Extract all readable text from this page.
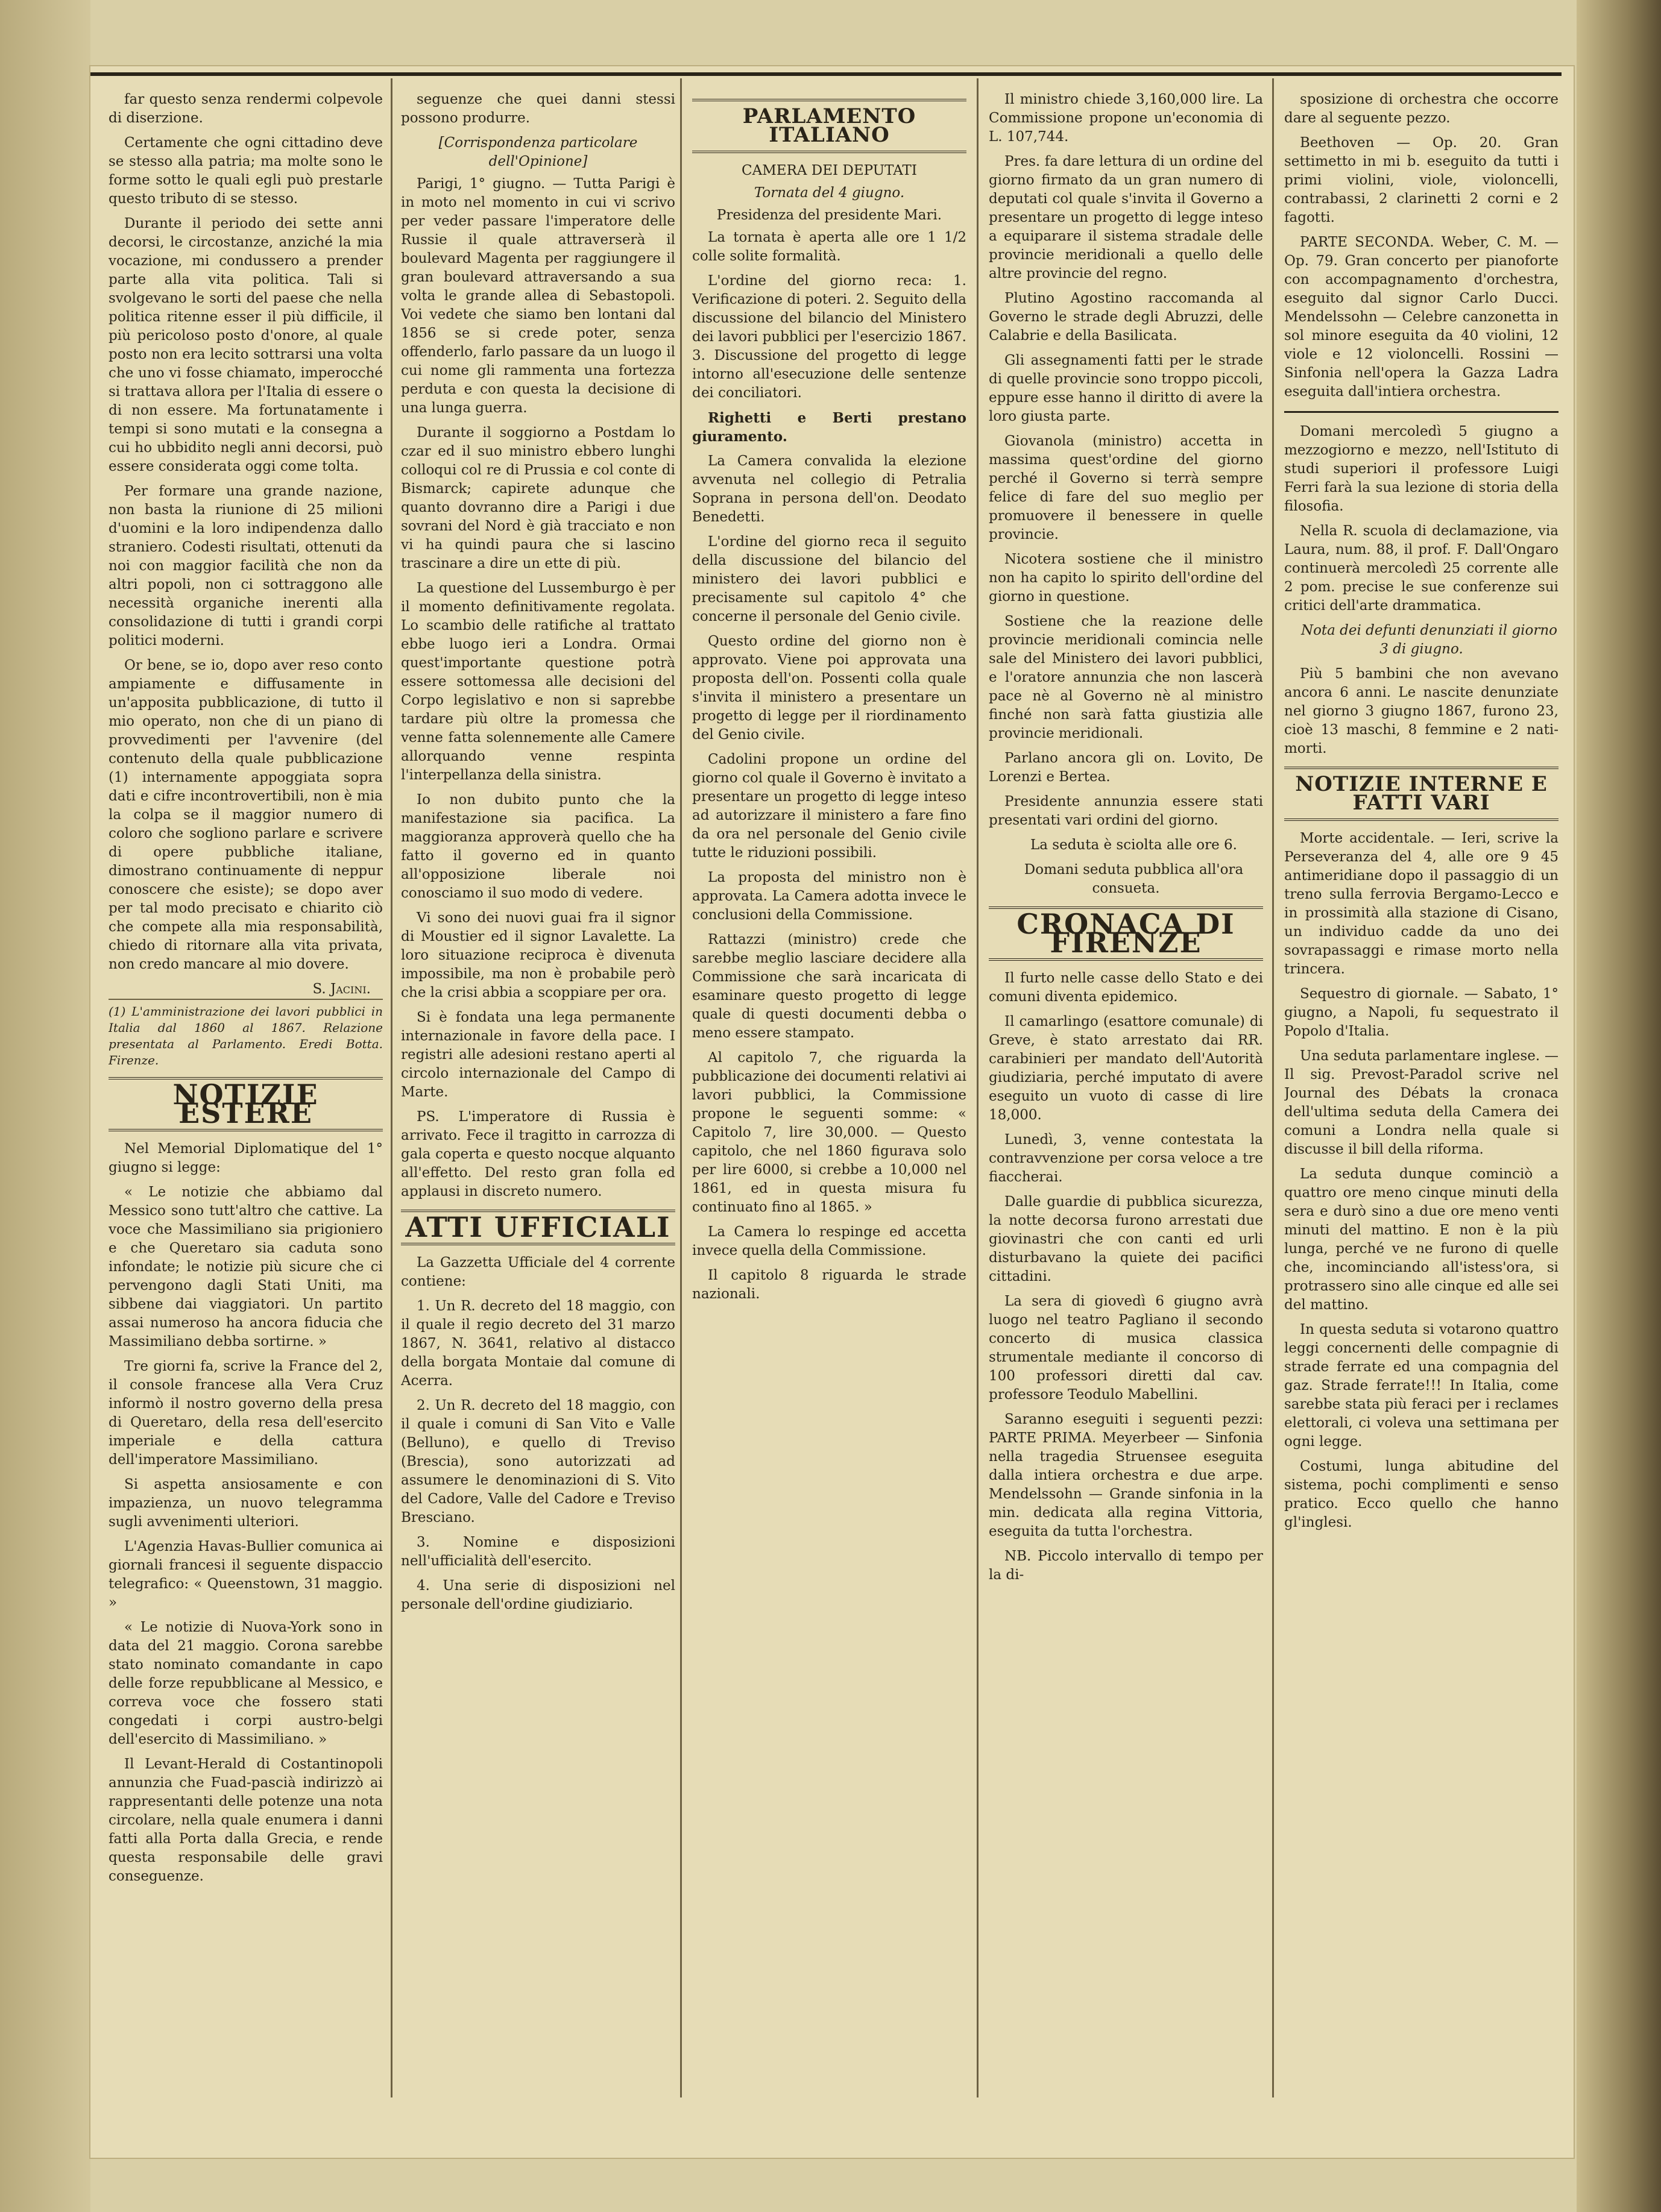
far questo senza rendermi colpevole di diserzione.

Certamente che ogni cittadino deve se stesso alla patria; ma molte sono le forme sotto le quali egli può prestarle questo tributo di se stesso.

Durante il periodo dei sette anni decorsi, le circostanze, anziché la mia vocazione, mi condussero a prender parte alla vita politica. Tali si svolgevano le sorti del paese che nella politica ritenne esser il più difficile, il più pericoloso posto d'onore, al quale posto non era lecito sottrarsi una volta che uno vi fosse chiamato, imperocché si trattava allora per l'Italia di essere o di non essere. Ma fortunatamente i tempi si sono mutati e la consegna a cui ho ubbidito negli anni decorsi, può essere considerata oggi come tolta.

Per formare una grande nazione, non basta la riunione di 25 milioni d'uomini e la loro indipendenza dallo straniero. Codesti risultati, ottenuti da noi con maggior facilità che non da altri popoli, non ci sottraggono alle necessità organiche inerenti alla consolidazione di tutti i grandi corpi politici moderni.

Or bene, se io, dopo aver reso conto ampiamente e diffusamente in un'apposita pubblicazione, di tutto il mio operato, non che di un piano di provvedimenti per l'avvenire (del contenuto della quale pubblicazione (1) internamente appoggiata sopra dati e cifre incontrovertibili, non è mia la colpa se il maggior numero di coloro che sogliono parlare e scrivere di opere pubbliche italiane, dimostrano continuamente di neppur conoscere che esiste); se dopo aver per tal modo precisato e chiarito ciò che compete alla mia responsabilità, chiedo di ritornare alla vita privata, non credo mancare al mio dovere.

S. Jacini.
(1) L'amministrazione dei lavori pubblici in Italia dal 1860 al 1867. Relazione presentata al Parlamento. Eredi Botta. Firenze.
NOTIZIE ESTERE

Nel Memorial Diplomatique del 1° giugno si legge:

« Le notizie che abbiamo dal Messico sono tutt'altro che cattive. La voce che Massimiliano sia prigioniero e che Queretaro sia caduta sono infondate; le notizie più sicure che ci pervengono dagli Stati Uniti, ma sibbene dai viaggiatori. Un partito assai numeroso ha ancora fiducia che Massimiliano debba sortirne. »

Tre giorni fa, scrive la France del 2, il console francese alla Vera Cruz informò il nostro governo della presa di Queretaro, della resa dell'esercito imperiale e della cattura dell'imperatore Massimiliano.

Si aspetta ansiosamente e con impazienza, un nuovo telegramma sugli avvenimenti ulteriori.

L'Agenzia Havas-Bullier comunica ai giornali francesi il seguente dispaccio telegrafico: « Queenstown, 31 maggio. »

« Le notizie di Nuova-York sono in data del 21 maggio. Corona sarebbe stato nominato comandante in capo delle forze repubblicane al Messico, e correva voce che fossero stati congedati i corpi austro-belgi dell'esercito di Massimiliano. »

Il Levant-Herald di Costantinopoli annunzia che Fuad-pascià indirizzò ai rappresentanti delle potenze una nota circolare, nella quale enumera i danni fatti alla Porta dalla Grecia, e rende questa responsabile delle gravi conseguenze.

seguenze che quei danni stessi possono produrre.

[Corrispondenza particolare dell'Opinione]

Parigi, 1° giugno. — Tutta Parigi è in moto nel momento in cui vi scrivo per veder passare l'imperatore delle Russie il quale attraverserà il boulevard Magenta per raggiungere il gran boulevard attraversando a sua volta le grande allea di Sebastopoli. Voi vedete che siamo ben lontani dal 1856 se si crede poter, senza offenderlo, farlo passare da un luogo il cui nome gli rammenta una fortezza perduta e con questa la decisione di una lunga guerra.

Durante il soggiorno a Postdam lo czar ed il suo ministro ebbero lunghi colloqui col re di Prussia e col conte di Bismarck; capirete adunque che quanto dovranno dire a Parigi i due sovrani del Nord è già tracciato e non vi ha quindi paura che si lascino trascinare a dire un ette di più.

La questione del Lussemburgo è per il momento definitivamente regolata. Lo scambio delle ratifiche al trattato ebbe luogo ieri a Londra. Ormai quest'importante questione potrà essere sottomessa alle decisioni del Corpo legislativo e non si saprebbe tardare più oltre la promessa che venne fatta solennemente alle Camere allorquando venne respinta l'interpellanza della sinistra.

Io non dubito punto che la manifestazione sia pacifica. La maggioranza approverà quello che ha fatto il governo ed in quanto all'opposizione liberale noi conosciamo il suo modo di vedere.

Vi sono dei nuovi guai fra il signor di Moustier ed il signor Lavalette. La loro situazione reciproca è divenuta impossibile, ma non è probabile però che la crisi abbia a scoppiare per ora.

Si è fondata una lega permanente internazionale in favore della pace. I registri alle adesioni restano aperti al circolo internazionale del Campo di Marte.

PS. L'imperatore di Russia è arrivato. Fece il tragitto in carrozza di gala coperta e questo nocque alquanto all'effetto. Del resto gran folla ed applausi in discreto numero.

ATTI UFFICIALI

La Gazzetta Ufficiale del 4 corrente contiene:

1. Un R. decreto del 18 maggio, con il quale il regio decreto del 31 marzo 1867, N. 3641, relativo al distacco della borgata Montaie dal comune di Acerra.

2. Un R. decreto del 18 maggio, con il quale i comuni di San Vito e Valle (Belluno), e quello di Treviso (Brescia), sono autorizzati ad assumere le denominazioni di S. Vito del Cadore, Valle del Cadore e Treviso Bresciano.

3. Nomine e disposizioni nell'ufficialità dell'esercito.

4. Una serie di disposizioni nel personale dell'ordine giudiziario.

PARLAMENTO ITALIANO
CAMERA DEI DEPUTATI
Tornata del 4 giugno.
Presidenza del presidente Mari.

La tornata è aperta alle ore 1 1/2 colle solite formalità.

L'ordine del giorno reca: 1. Verificazione di poteri. 2. Seguito della discussione del bilancio del Ministero dei lavori pubblici per l'esercizio 1867. 3. Discussione del progetto di legge intorno all'esecuzione delle sentenze dei conciliatori.

Righetti e Berti prestano giuramento.

La Camera convalida la elezione avvenuta nel collegio di Petralia Soprana in persona dell'on. Deodato Benedetti.

L'ordine del giorno reca il seguito della discussione del bilancio del ministero dei lavori pubblici e precisamente sul capitolo 4° che concerne il personale del Genio civile.

Questo ordine del giorno non è approvato. Viene poi approvata una proposta dell'on. Possenti colla quale s'invita il ministero a presentare un progetto di legge per il riordinamento del Genio civile.

Cadolini propone un ordine del giorno col quale il Governo è invitato a presentare un progetto di legge inteso ad autorizzare il ministero a fare fino da ora nel personale del Genio civile tutte le riduzioni possibili.

La proposta del ministro non è approvata. La Camera adotta invece le conclusioni della Commissione.

Rattazzi (ministro) crede che sarebbe meglio lasciare decidere alla Commissione che sarà incaricata di esaminare questo progetto di legge quale di questi documenti debba o meno essere stampato.

Al capitolo 7, che riguarda la pubblicazione dei documenti relativi ai lavori pubblici, la Commissione propone le seguenti somme: « Capitolo 7, lire 30,000. — Questo capitolo, che nel 1860 figurava solo per lire 6000, si crebbe a 10,000 nel 1861, ed in questa misura fu continuato fino al 1865. »

La Camera lo respinge ed accetta invece quella della Commissione.

Il capitolo 8 riguarda le strade nazionali.

Il ministro chiede 3,160,000 lire. La Commissione propone un'economia di L. 107,744.

Pres. fa dare lettura di un ordine del giorno firmato da un gran numero di deputati col quale s'invita il Governo a presentare un progetto di legge inteso a equiparare il sistema stradale delle provincie meridionali a quello delle altre provincie del regno.

Plutino Agostino raccomanda al Governo le strade degli Abruzzi, delle Calabrie e della Basilicata.

Gli assegnamenti fatti per le strade di quelle provincie sono troppo piccoli, eppure esse hanno il diritto di avere la loro giusta parte.

Giovanola (ministro) accetta in massima quest'ordine del giorno perché il Governo si terrà sempre felice di fare del suo meglio per promuovere il benessere in quelle provincie.

Nicotera sostiene che il ministro non ha capito lo spirito dell'ordine del giorno in questione.

Sostiene che la reazione delle provincie meridionali comincia nelle sale del Ministero dei lavori pubblici, e l'oratore annunzia che non lascerà pace nè al Governo nè al ministro finché non sarà fatta giustizia alle provincie meridionali.

Parlano ancora gli on. Lovito, De Lorenzi e Bertea.

Presidente annunzia essere stati presentati vari ordini del giorno.

La seduta è sciolta alle ore 6.

Domani seduta pubblica all'ora consueta.

CRONACA DI FIRENZE

Il furto nelle casse dello Stato e dei comuni diventa epidemico.

Il camarlingo (esattore comunale) di Greve, è stato arrestato dai RR. carabinieri per mandato dell'Autorità giudiziaria, perché imputato di avere eseguito un vuoto di casse di lire 18,000.

Lunedì, 3, venne contestata la contravvenzione per corsa veloce a tre fiaccherai.

Dalle guardie di pubblica sicurezza, la notte decorsa furono arrestati due giovinastri che con canti ed urli disturbavano la quiete dei pacifici cittadini.

La sera di giovedì 6 giugno avrà luogo nel teatro Pagliano il secondo concerto di musica classica strumentale mediante il concorso di 100 professori diretti dal cav. professore Teodulo Mabellini.

Saranno eseguiti i seguenti pezzi: PARTE PRIMA. Meyerbeer — Sinfonia nella tragedia Struensee eseguita dalla intiera orchestra e due arpe. Mendelssohn — Grande sinfonia in la min. dedicata alla regina Vittoria, eseguita da tutta l'orchestra.

NB. Piccolo intervallo di tempo per la di-

sposizione di orchestra che occorre dare al seguente pezzo.

Beethoven — Op. 20. Gran settimetto in mi b. eseguito da tutti i primi violini, viole, violoncelli, contrabassi, 2 clarinetti 2 corni e 2 fagotti.

PARTE SECONDA. Weber, C. M. — Op. 79. Gran concerto per pianoforte con accompagnamento d'orchestra, eseguito dal signor Carlo Ducci. Mendelssohn — Celebre canzonetta in sol minore eseguita da 40 violini, 12 viole e 12 violoncelli. Rossini — Sinfonia nell'opera la Gazza Ladra eseguita dall'intiera orchestra.

Domani mercoledì 5 giugno a mezzogiorno e mezzo, nell'Istituto di studi superiori il professore Luigi Ferri farà la sua lezione di storia della filosofia.

Nella R. scuola di declamazione, via Laura, num. 88, il prof. F. Dall'Ongaro continuerà mercoledì 25 corrente alle 2 pom. precise le sue conferenze sui critici dell'arte drammatica.

Nota dei defunti denunziati il giorno 3 di giugno.

Più 5 bambini che non avevano ancora 6 anni. Le nascite denunziate nel giorno 3 giugno 1867, furono 23, cioè 13 maschi, 8 femmine e 2 nati-morti.

NOTIZIE INTERNE E FATTI VARI

Morte accidentale. — Ieri, scrive la Perseveranza del 4, alle ore 9 45 antimeridiane dopo il passaggio di un treno sulla ferrovia Bergamo-Lecco e in prossimità alla stazione di Cisano, un individuo cadde da uno dei sovrapassaggi e rimase morto nella trincera.

Sequestro di giornale. — Sabato, 1° giugno, a Napoli, fu sequestrato il Popolo d'Italia.

Una seduta parlamentare inglese. — Il sig. Prevost-Paradol scrive nel Journal des Débats la cronaca dell'ultima seduta della Camera dei comuni a Londra nella quale si discusse il bill della riforma.

La seduta dunque cominciò a quattro ore meno cinque minuti della sera e durò sino a due ore meno venti minuti del mattino. E non è la più lunga, perché ve ne furono di quelle che, incominciando all'istess'ora, si protrassero sino alle cinque ed alle sei del mattino.

In questa seduta si votarono quattro leggi concernenti delle compagnie di strade ferrate ed una compagnia del gaz. Strade ferrate!!! In Italia, come sarebbe stata più feraci per i reclames elettorali, ci voleva una settimana per ogni legge.

Costumi, lunga abitudine del sistema, pochi complimenti e senso pratico. Ecco quello che hanno gl'inglesi.
